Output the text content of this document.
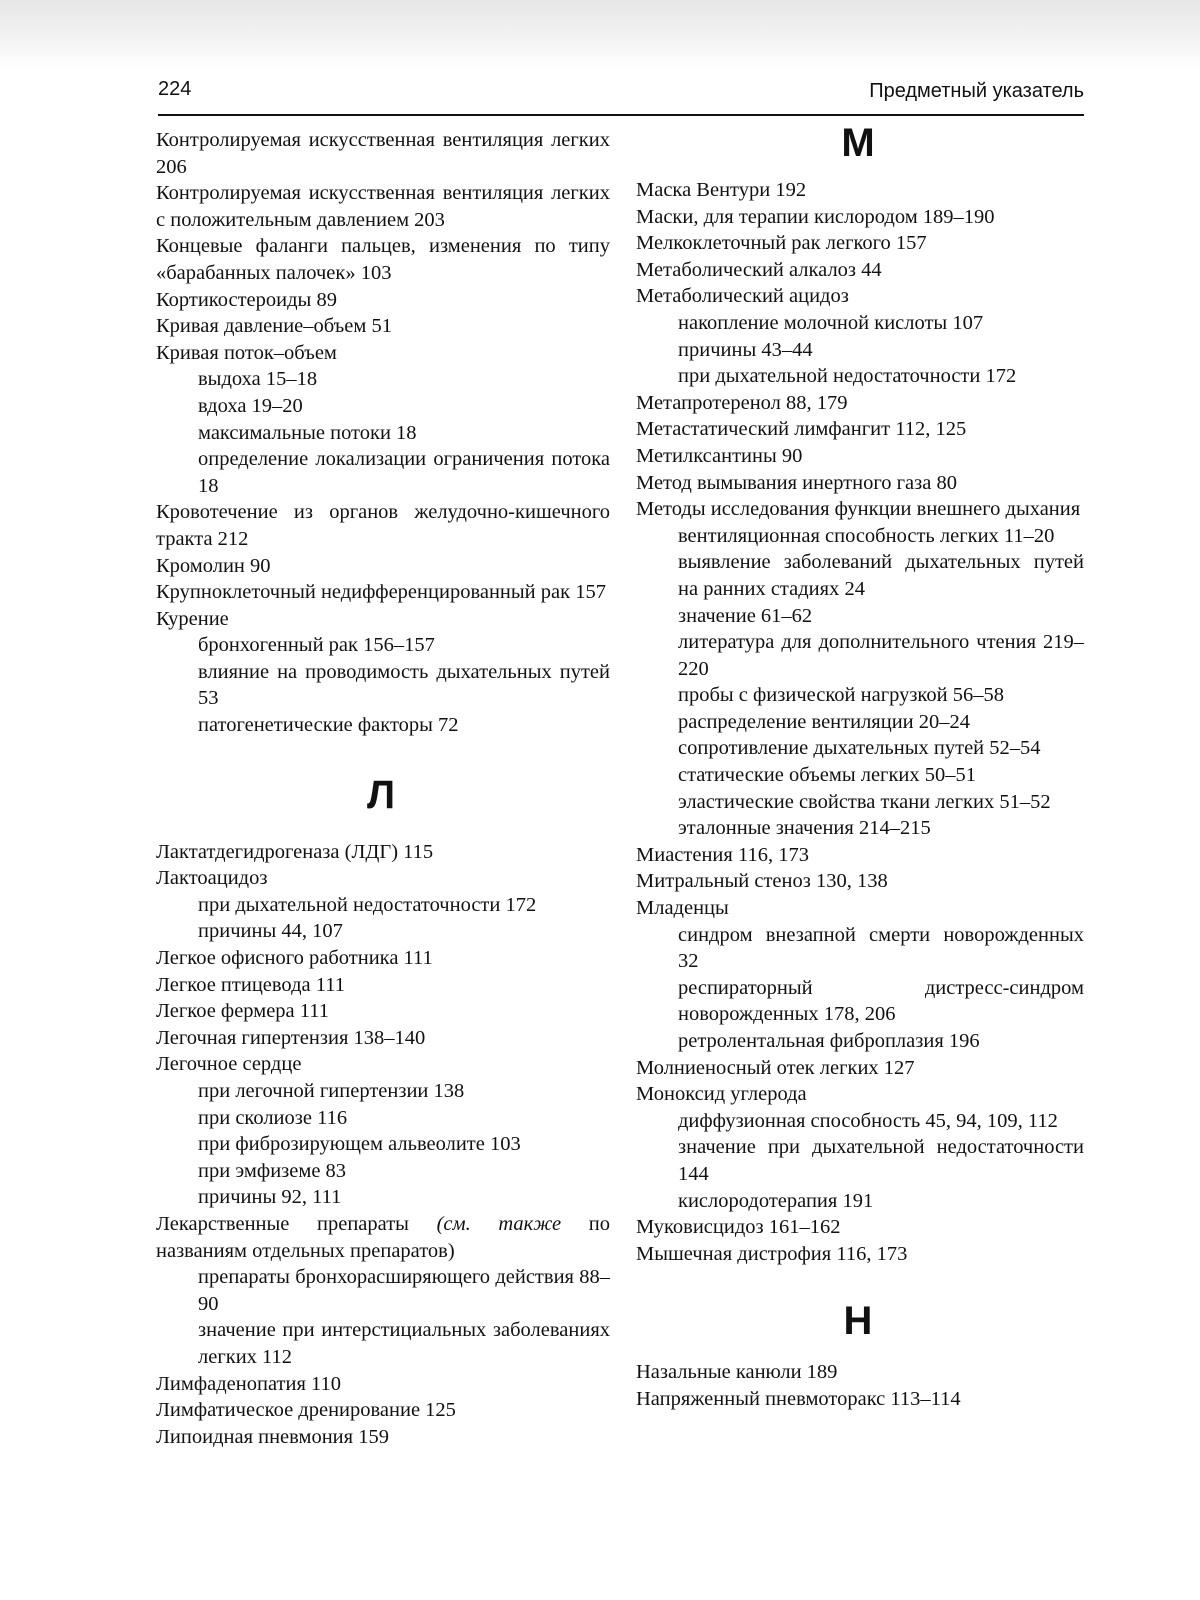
224	Предметный указатель
Контролируемая искусственная вентиляция легких 206
Контролируемая искусственная вентиляция легких с положительным давлением 203
Концевые фаланги пальцев, изменения по типу «барабанных палочек» 103
Кортикостероиды 89
Кривая давление–объем 51
Кривая поток–объем
выдоха 15–18
вдоха 19–20
максимальные потоки 18
определение локализации ограничения потока 18
Кровотечение из органов желудочно-кишечного тракта 212
Кромолин 90
Крупноклеточный недифференцированный рак 157
Курение
бронхогенный рак 156–157
влияние на проводимость дыхательных путей 53
патогенетические факторы 72
Л
Лактатдегидрогеназа (ЛДГ) 115
Лактоацидоз
при дыхательной недостаточности 172
причины 44, 107
Легкое офисного работника 111
Легкое птицевода 111
Легкое фермера 111
Легочная гипертензия 138–140
Легочное сердце
при легочной гипертензии 138
при сколиозе 116
при фиброзирующем альвеолите 103
при эмфиземе 83
причины 92, 111
Лекарственные препараты (см. также по названиям отдельных препаратов)
препараты бронхорасширяющего действия 88–90
значение при интерстициальных заболеваниях легких 112
Лимфаденопатия 110
Лимфатическое дренирование 125
Липоидная пневмония 159
М
Маска Вентури 192
Маски, для терапии кислородом 189–190
Мелкоклеточный рак легкого 157
Метаболический алкалоз 44
Метаболический ацидоз
накопление молочной кислоты 107
причины 43–44
при дыхательной недостаточности 172
Метапротеренол 88, 179
Метастатический лимфангит 112, 125
Метилксантины 90
Метод вымывания инертного газа 80
Методы исследования функции внешнего дыхания
вентиляционная способность легких 11–20
выявление заболеваний дыхательных путей на ранних стадиях 24
значение 61–62
литература для дополнительного чтения 219–220
пробы с физической нагрузкой 56–58
распределение вентиляции 20–24
сопротивление дыхательных путей 52–54
статические объемы легких 50–51
эластические свойства ткани легких 51–52
эталонные значения 214–215
Миастения 116, 173
Митральный стеноз 130, 138
Младенцы
синдром внезапной смерти новорожденных 32
респираторный дистресс-синдром новорожденных 178, 206
ретролентальная фиброплазия 196
Молниеносный отек легких 127
Моноксид углерода
диффузионная способность 45, 94, 109, 112
значение при дыхательной недостаточности 144
кислородотерапия 191
Муковисцидоз 161–162
Мышечная дистрофия 116, 173
Н
Назальные канюли 189
Напряженный пневмоторакс 113–114
